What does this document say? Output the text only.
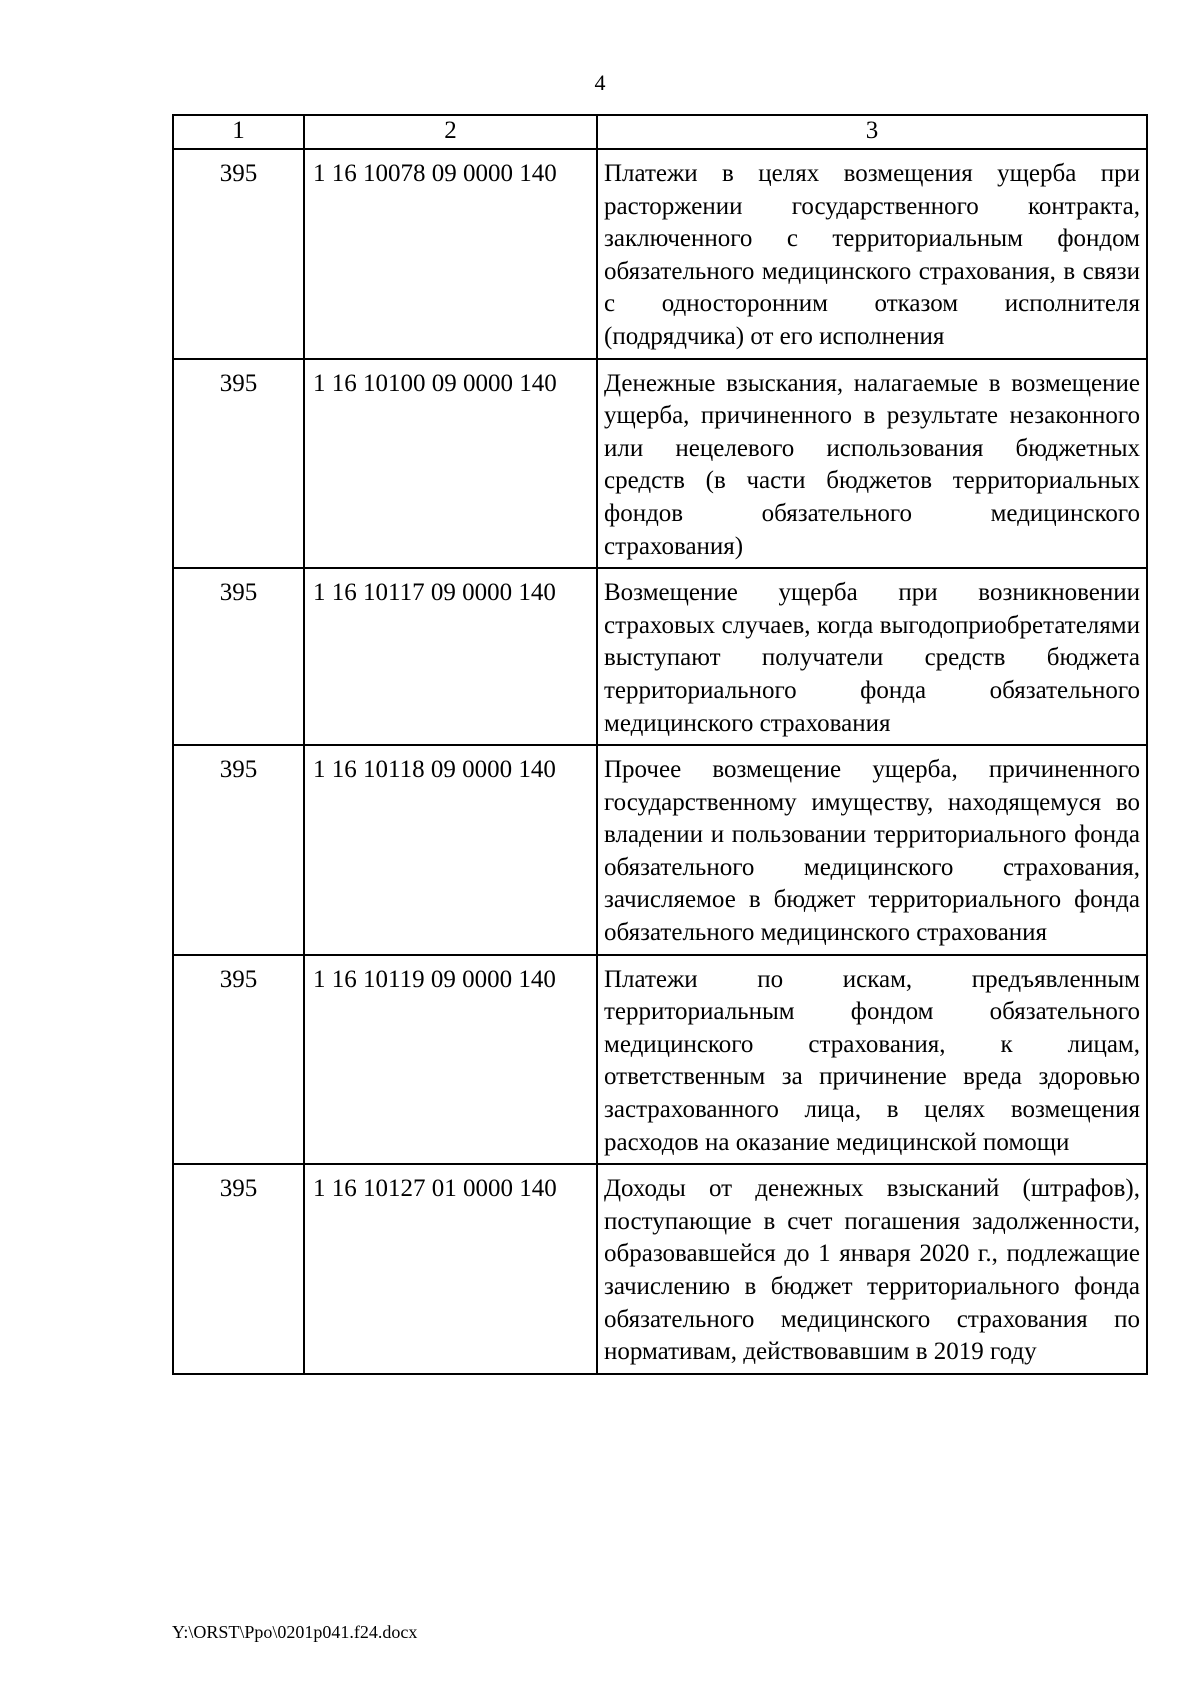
4
1	2	3
395	1 16 10078 09 0000 140	Платежи в целях возмещения ущерба при расторжении государственного контракта, заключенного с территориальным фондом обязательного медицинского страхования, в связи с односторонним отказом исполнителя (подрядчика) от его исполнения
395	1 16 10100 09 0000 140	Денежные взыскания, налагаемые в возмещение ущерба, причиненного в результате незаконного или нецелевого использования бюджетных средств (в части бюджетов территориальных фондов обязательного медицинского страхования)
395	1 16 10117 09 0000 140	Возмещение ущерба при возникновении страховых случаев, когда выгодоприобретателями выступают получатели средств бюджета территориального фонда обязательного медицинского страхования
395	1 16 10118 09 0000 140	Прочее возмещение ущерба, причиненного государственному имуществу, находящемуся во владении и пользовании территориального фонда обязательного медицинского страхования, зачисляемое в бюджет территориального фонда обязательного медицинского страхования
395	1 16 10119 09 0000 140	Платежи по искам, предъявленным территориальным фондом обязательного медицинского страхования, к лицам, ответственным за причинение вреда здоровью застрахованного лица, в целях возмещения расходов на оказание медицинской помощи
395	1 16 10127 01 0000 140	Доходы от денежных взысканий (штрафов), поступающие в счет погашения задолженности, образовавшейся до 1 января 2020 г., подлежащие зачислению в бюджет территориального фонда обязательного медицинского страхования по нормативам, действовавшим в 2019 году
Y:\ORST\Ppo\0201p041.f24.docx
